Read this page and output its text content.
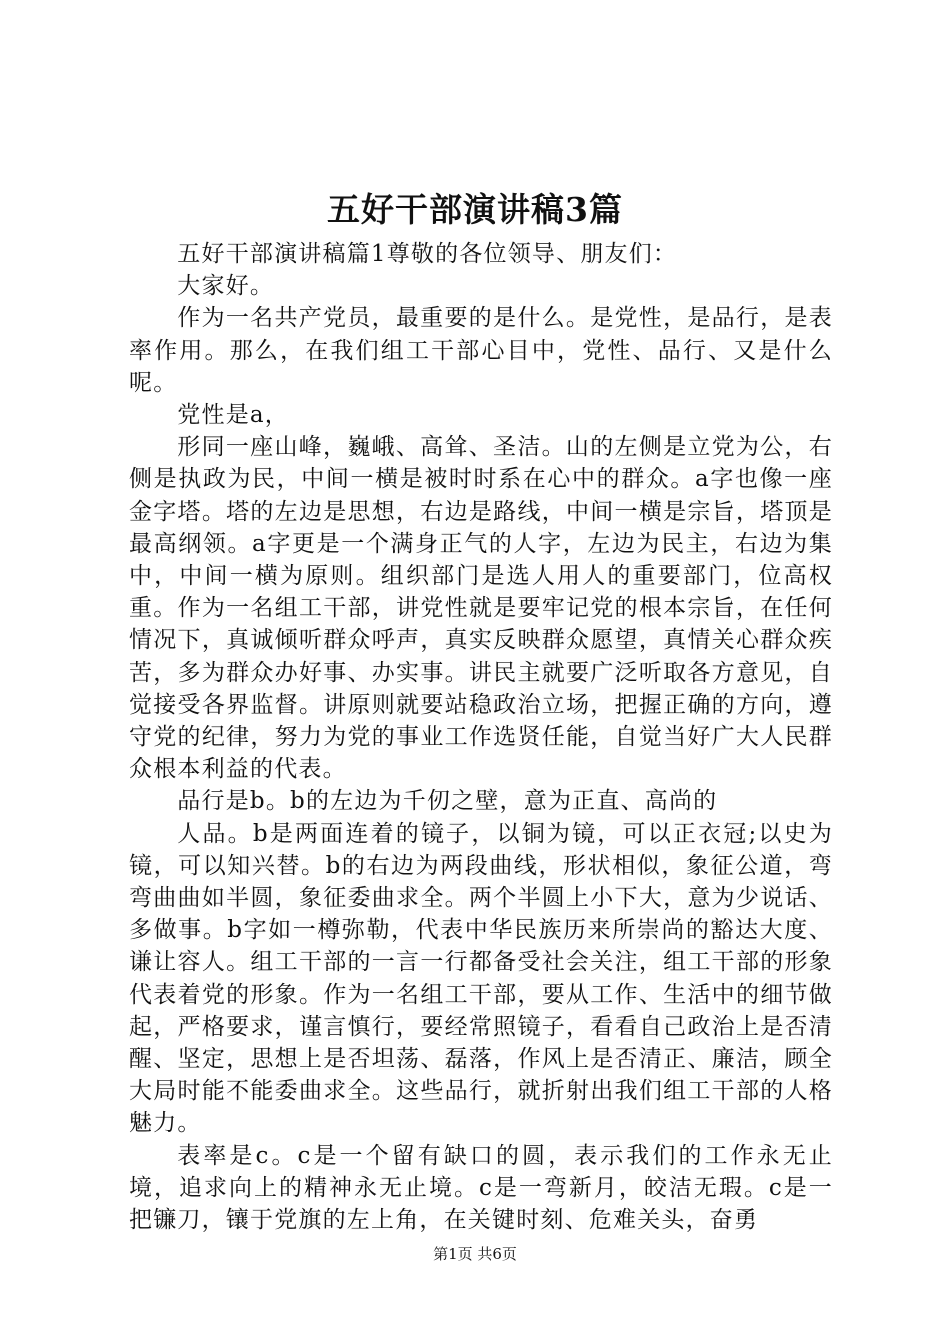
五好干部演讲稿3篇

五好干部演讲稿篇1尊敬的各位领导、朋友们：

大家好。

作为一名共产党员，最重要的是什么。是党性，是品行，是表率作用。那么，在我们组工干部心目中，党性、品行、又是什么呢。

党性是a，

形同一座山峰，巍峨、高耸、圣洁。山的左侧是立党为公，右侧是执政为民，中间一横是被时时系在心中的群众。a字也像一座金字塔。塔的左边是思想，右边是路线，中间一横是宗旨，塔顶是最高纲领。a字更是一个满身正气的人字，左边为民主，右边为集中，中间一横为原则。组织部门是选人用人的重要部门，位高权重。作为一名组工干部，讲党性就是要牢记党的根本宗旨，在任何情况下，真诚倾听群众呼声，真实反映群众愿望，真情关心群众疾苦，多为群众办好事、办实事。讲民主就要广泛听取各方意见，自觉接受各界监督。讲原则就要站稳政治立场，把握正确的方向，遵守党的纪律，努力为党的事业工作选贤任能，自觉当好广大人民群众根本利益的代表。

品行是b。b的左边为千仞之壁，意为正直、高尚的

人品。b是两面连着的镜子，以铜为镜，可以正衣冠;以史为镜，可以知兴替。b的右边为两段曲线，形状相似，象征公道，弯弯曲曲如半圆，象征委曲求全。两个半圆上小下大，意为少说话、多做事。b字如一樽弥勒，代表中华民族历来所崇尚的豁达大度、谦让容人。组工干部的一言一行都备受社会关注，组工干部的形象代表着党的形象。作为一名组工干部，要从工作、生活中的细节做起，严格要求，谨言慎行，要经常照镜子，看看自己政治上是否清醒、坚定，思想上是否坦荡、磊落，作风上是否清正、廉洁，顾全大局时能不能委曲求全。这些品行，就折射出我们组工干部的人格魅力。

表率是c。c是一个留有缺口的圆，表示我们的工作永无止境，追求向上的精神永无止境。c是一弯新月，皎洁无瑕。c是一把镰刀，镶于党旗的左上角，在关键时刻、危难关头，奋勇

第1页 共6页
